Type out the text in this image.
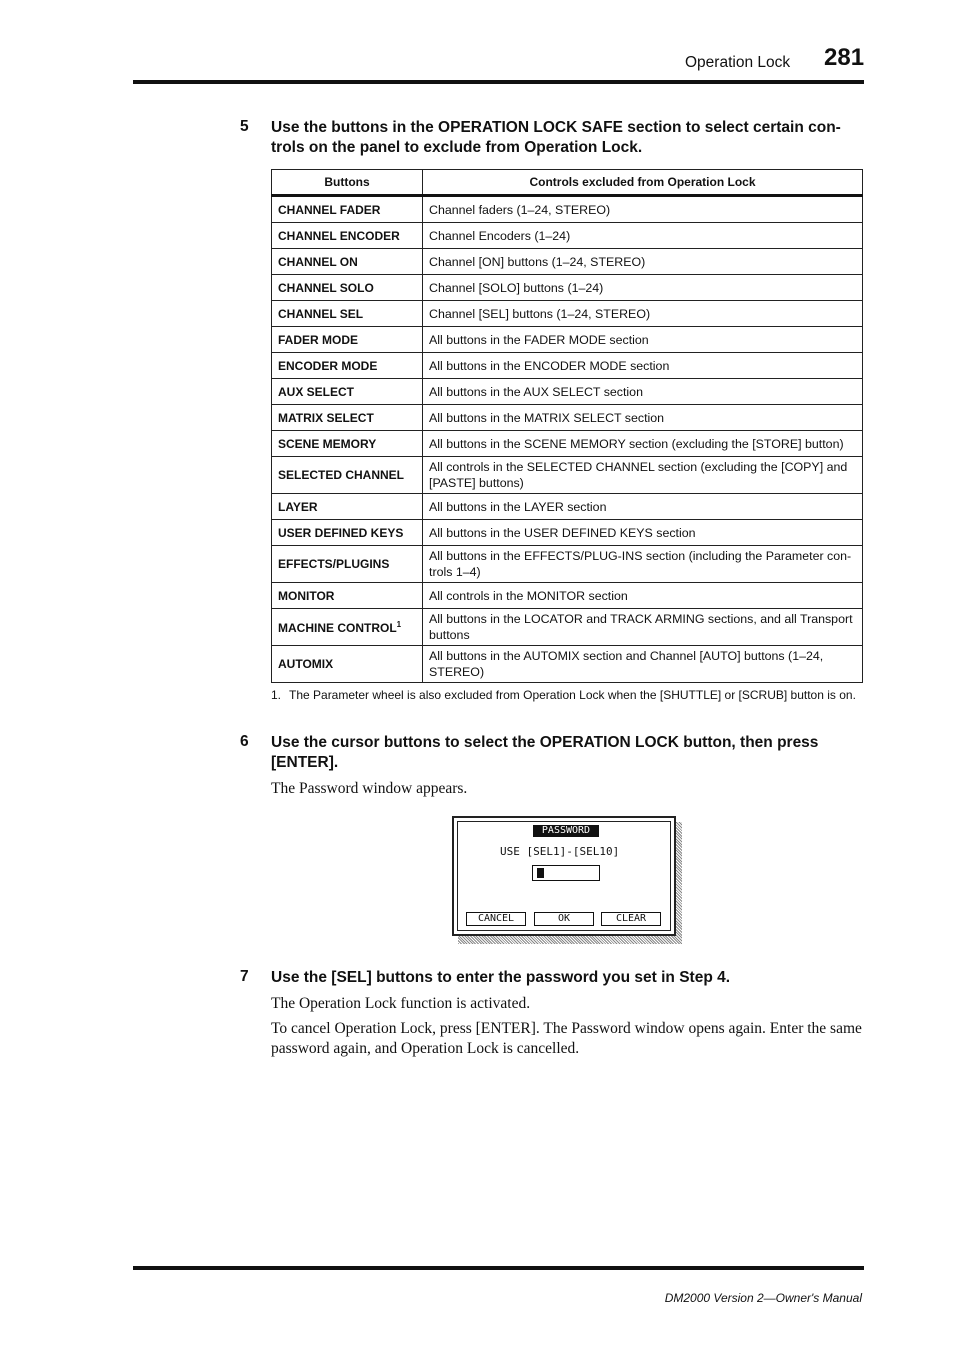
Operation Lock 281
5 Use the buttons in the OPERATION LOCK SAFE section to select certain con- trols on the panel to exclude from Operation Lock.
Buttons	Controls excluded from Operation Lock
CHANNEL FADER	Channel faders (1–24, STEREO)
CHANNEL ENCODER	Channel Encoders (1–24)
CHANNEL ON	Channel [ON] buttons (1–24, STEREO)
CHANNEL SOLO	Channel [SOLO] buttons (1–24)
CHANNEL SEL	Channel [SEL] buttons (1–24, STEREO)
FADER MODE	All buttons in the FADER MODE section
ENCODER MODE	All buttons in the ENCODER MODE section
AUX SELECT	All buttons in the AUX SELECT section
MATRIX SELECT	All buttons in the MATRIX SELECT section
SCENE MEMORY	All buttons in the SCENE MEMORY section (excluding the [STORE] button)
SELECTED CHANNEL	All controls in the SELECTED CHANNEL section (excluding the [COPY] and [PASTE] buttons)
LAYER	All buttons in the LAYER section
USER DEFINED KEYS	All buttons in the USER DEFINED KEYS section
EFFECTS/PLUGINS	All buttons in the EFFECTS/PLUG-INS section (including the Parameter con- trols 1–4)
MONITOR	All controls in the MONITOR section
MACHINE CONTROL$^1$	All buttons in the LOCATOR and TRACK ARMING sections, and all Transport buttons
AUTOMIX	All buttons in the AUTOMIX section and Channel [AUTO] buttons (1–24, STEREO)
1. The Parameter wheel is also excluded from Operation Lock when the [SHUTTLE] or [SCRUB] button is on.
6 Use the cursor buttons to select the OPERATION LOCK button, then press [ENTER].
The Password window appears.
PASSWORD
USE [SEL1]-[SEL10]
CANCEL	OK	CLEAR
7 Use the [SEL] buttons to enter the password you set in Step 4.
The Operation Lock function is activated.
To cancel Operation Lock, press [ENTER]. The Password window opens again. Enter the same password again, and Operation Lock is cancelled.
DM2000 Version 2—Owner's Manual
